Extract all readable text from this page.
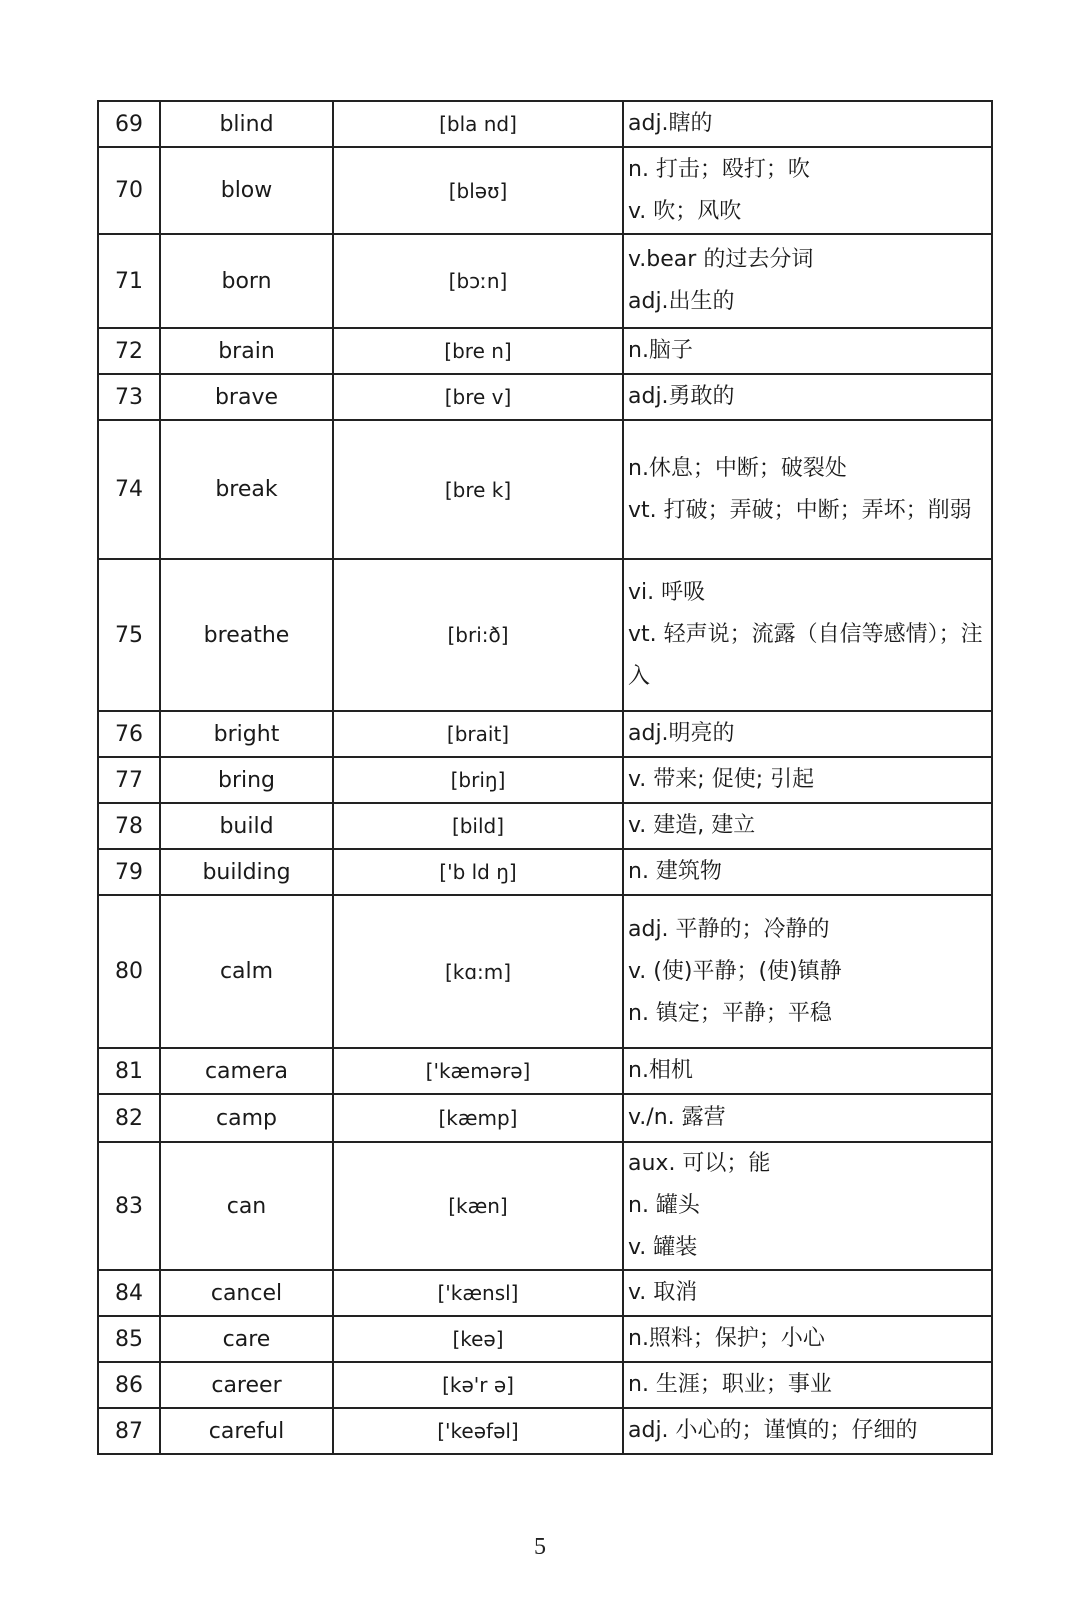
69	blind	[bla nd]	adj.瞎的

70	blow	[bləʊ]	n. 打击；殴打；吹
v. 吹；风吹

71	born	[bɔːn]	v.bear 的过去分词
adj.出生的

72	brain	[bre n]	n.脑子

73	brave	[bre v]	adj.勇敢的

74	break	[bre k]	n.休息；中断；破裂处
vt. 打破；弄破；中断；弄坏；削弱

75	breathe	[bri:ð]	vi. 呼吸
vt. 轻声说；流露（自信等感情）；注
入

76	bright	[brait]	adj.明亮的

77	bring	[briŋ]	v. 带来; 促使; 引起

78	build	[bild]	v. 建造, 建立

79	building	['b ld ŋ]	n. 建筑物

80	calm	[kɑ:m]	adj. 平静的；冷静的
v. (使)平静；(使)镇静
n. 镇定；平静；平稳

81	camera	['kæmərə]	n.相机

82	camp	[kæmp]	v./n. 露营

83	can	[kæn]	aux. 可以；能
n. 罐头
v. 罐装

84	cancel	['kænsl]	v. 取消

85	care	[keə]	n.照料；保护；小心

86	career	[kə'r ə]	n. 生涯；职业；事业

87	careful	['keəfəl]	adj. 小心的；谨慎的；仔细的
5
